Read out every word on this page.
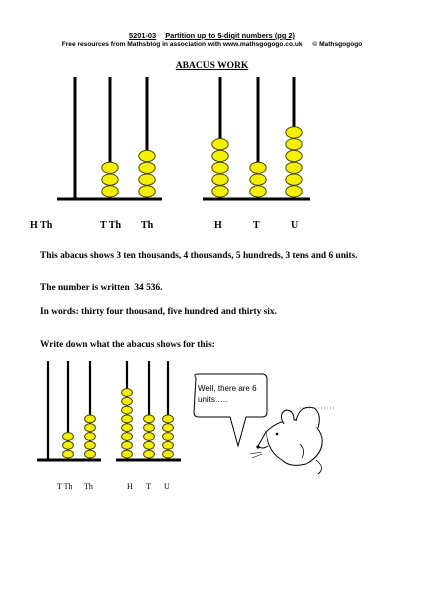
5201-03 Partition up to 5-digit numbers (pg 2)
Free resources from Mathsblog in association with www.mathsgogogo.co.uk © Mathsgogogo
ABACUS WORK
H Th	T Th Th	H	T	U
This abacus shows 3 ten thousands, 4 thousands, 5 hundreds, 3 tens and 6 units.
The number is written 34 536.
In words: thirty four thousand, five hundred and thirty six.
Write down what the abacus shows for this:
T Th Th	H T U
Well, there are 6 units…..
